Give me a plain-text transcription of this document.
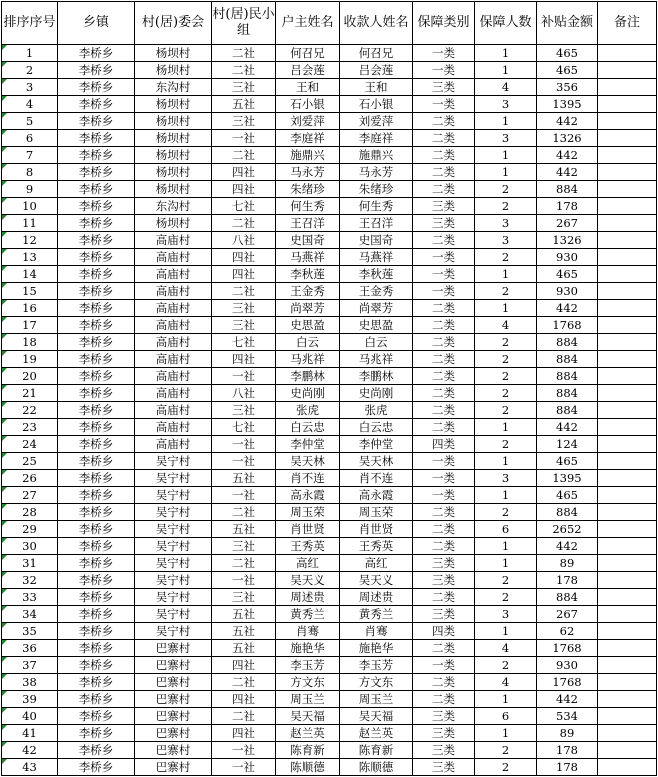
排序序号	乡镇	村(居)委会	村(居)民小组	户主姓名	收款人姓名	保障类别	保障人数	补贴金额	备注
1	李桥乡	杨坝村	二社	何召兄	何召兄	一类	1	465	
2	李桥乡	杨坝村	二社	吕会莲	吕会莲	一类	1	465	
3	李桥乡	东沟村	三社	王和	王和	三类	4	356	
4	李桥乡	杨坝村	五社	石小银	石小银	一类	3	1395	
5	李桥乡	杨坝村	三社	刘爱萍	刘爱萍	二类	1	442	
6	李桥乡	杨坝村	一社	李庭祥	李庭祥	二类	3	1326	
7	李桥乡	杨坝村	二社	施鼎兴	施鼎兴	二类	1	442	
8	李桥乡	杨坝村	四社	马永芳	马永芳	二类	1	442	
9	李桥乡	杨坝村	四社	朱绪珍	朱绪珍	二类	2	884	
10	李桥乡	东沟村	七社	何生秀	何生秀	三类	2	178	
11	李桥乡	杨坝村	二社	王召洋	王召洋	三类	3	267	
12	李桥乡	高庙村	八社	史国奇	史国奇	二类	3	1326	
13	李桥乡	高庙村	四社	马燕祥	马燕祥	一类	2	930	
14	李桥乡	高庙村	四社	李秋莲	李秋莲	一类	1	465	
15	李桥乡	高庙村	二社	王金秀	王金秀	一类	2	930	
16	李桥乡	高庙村	三社	尚翠芳	尚翠芳	二类	1	442	
17	李桥乡	高庙村	三社	史思盈	史思盈	二类	4	1768	
18	李桥乡	高庙村	七社	白云	白云	二类	2	884	
19	李桥乡	高庙村	四社	马兆祥	马兆祥	二类	2	884	
20	李桥乡	高庙村	一社	李鹏林	李鹏林	二类	2	884	
21	李桥乡	高庙村	八社	史尚刚	史尚刚	二类	2	884	
22	李桥乡	高庙村	三社	张虎	张虎	二类	2	884	
23	李桥乡	高庙村	七社	白云忠	白云忠	二类	1	442	
24	李桥乡	高庙村	一社	李仲堂	李仲堂	四类	2	124	
25	李桥乡	吴宁村	一社	吴天林	吴天林	一类	1	465	
26	李桥乡	吴宁村	五社	肖不连	肖不连	一类	3	1395	
27	李桥乡	吴宁村	一社	高永霞	高永霞	一类	1	465	
28	李桥乡	吴宁村	二社	周玉荣	周玉荣	二类	2	884	
29	李桥乡	吴宁村	五社	肖世贤	肖世贤	二类	6	2652	
30	李桥乡	吴宁村	三社	王秀英	王秀英	二类	1	442	
31	李桥乡	吴宁村	二社	高红	高红	三类	1	89	
32	李桥乡	吴宁村	一社	吴天义	吴天义	三类	2	178	
33	李桥乡	吴宁村	三社	周述贵	周述贵	二类	2	884	
34	李桥乡	吴宁村	五社	黄秀兰	黄秀兰	三类	3	267	
35	李桥乡	吴宁村	五社	肖骞	肖骞	四类	1	62	
36	李桥乡	巴寨村	五社	施艳华	施艳华	二类	4	1768	
37	李桥乡	巴寨村	四社	李玉芳	李玉芳	一类	2	930	
38	李桥乡	巴寨村	二社	方文东	方文东	二类	4	1768	
39	李桥乡	巴寨村	四社	周玉兰	周玉兰	二类	1	442	
40	李桥乡	巴寨村	二社	吴天福	吴天福	三类	6	534	
41	李桥乡	巴寨村	四社	赵兰英	赵兰英	三类	1	89	
42	李桥乡	巴寨村	一社	陈育新	陈育新	三类	2	178	
43	李桥乡	巴寨村	一社	陈顺德	陈顺德	三类	2	178	
